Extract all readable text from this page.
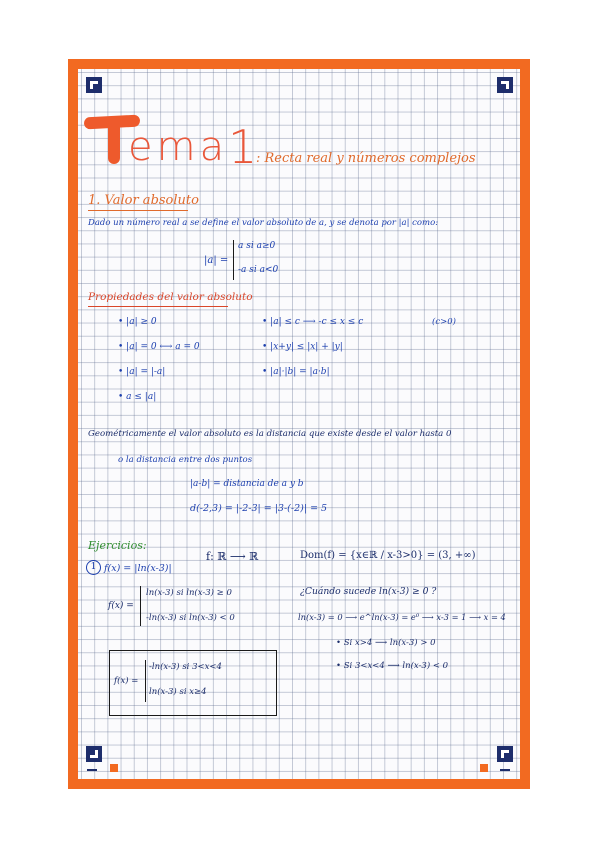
ema 1
: Recta real y números complejos
1. Valor absoluto
Dado un número real a se define el valor absoluto de a, y se denota por |a| como:
|a| =
a si a≥0
-a si a<0
Propiedades del valor absoluto
• |a| ≥ 0
• |a| = 0 ⟷ a = 0
• |a| = |-a|
• a ≤ |a|
• |a| ≤ c ⟶ -c ≤ x ≤ c	(c>0)
• |x+y| ≤ |x| + |y|
• |a|·|b| = |a·b|
Geométricamente el valor absoluto es la distancia que existe desde el valor hasta 0
o la distancia entre dos puntos
|a-b| = distancia de a y b
d(-2,3) = |-2-3| = |3-(-2)| = 5
Ejercicios:
1 f(x) = |ln(x-3)|
f: ℝ ⟶ ℝ	Dom(f) = {x∈ℝ / x-3>0} = (3, +∞)
f(x) =
ln(x-3) si ln(x-3) ≥ 0
-ln(x-3) si ln(x-3) < 0
¿Cuándo sucede ln(x-3) ≥ 0 ?
ln(x-3) = 0 ⟶ e^ln(x-3) = e⁰ ⟶ x-3 = 1 ⟶ x = 4
• Si x>4 ⟶ ln(x-3) > 0
• Si 3<x<4 ⟶ ln(x-3) < 0
f(x) =
-ln(x-3) si 3<x<4
ln(x-3) si x≥4
